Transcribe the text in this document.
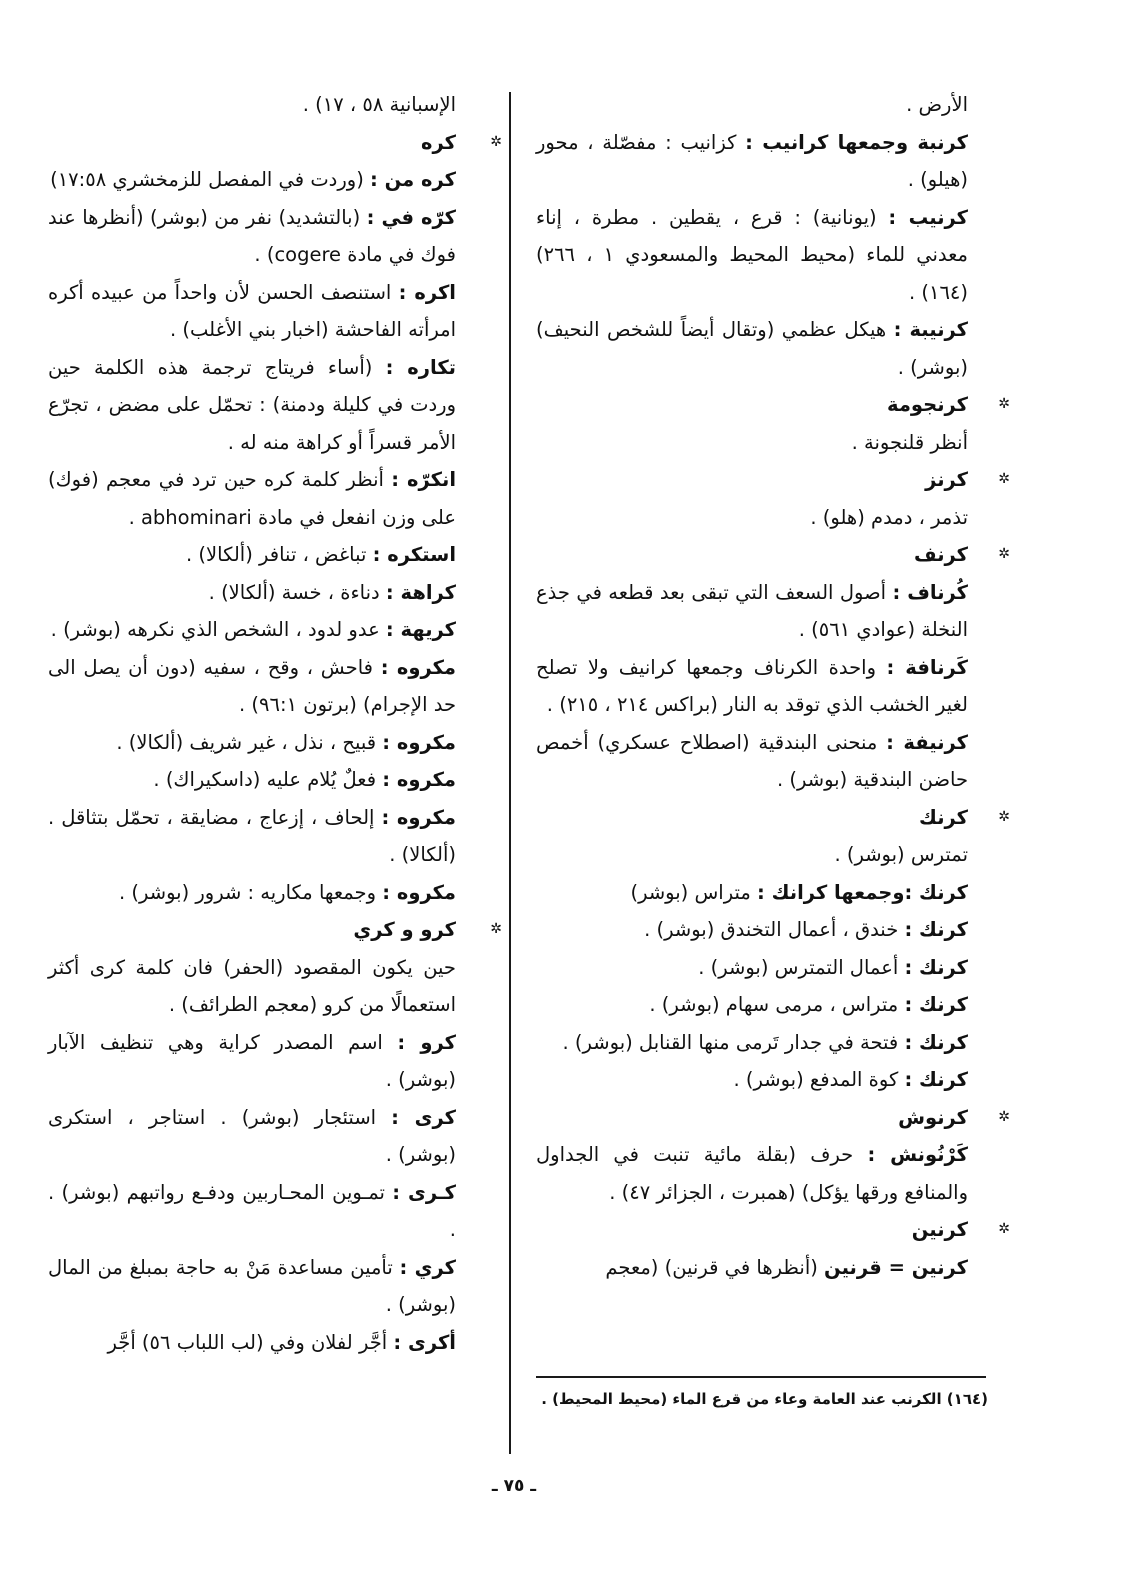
الأرض .

كرنبة وجمعها كرانيب : كزانيب : مفصّلة ، محور (هيلو) .

كرنيب : (يونانية) : قرع ، يقطين . مطرة ، إناء معدني للماء (محيط المحيط والمسعودي ١ ، ٢٦٦)(١٦٤) .

كرنيبة : هيكل عظمي (وتقال أيضاً للشخص النحيف) (بوشر) .

✲
كرنجومة

أنظر قلنجونة .

✲
كرنز

تذمر ، دمدم (هلو) .

✲
كرنف

كُرناف : أصول السعف التي تبقى بعد قطعه في جذع النخلة (عوادي ٥٦١) .

كَرنافة : واحدة الكرناف وجمعها كرانيف ولا تصلح لغير الخشب الذي توقد به النار (براكس ٢١٤ ، ٢١٥) .

كرنيفة : منحنى البندقية (اصطلاح عسكري) أخمص حاضن البندقية (بوشر) .

✲
كرنك

تمترس (بوشر) .

كرنك :وجمعها كرانك : متراس (بوشر)

كرنك : خندق ، أعمال التخندق (بوشر) .

كرنك : أعمال التمترس (بوشر) .

كرنك : متراس ، مرمى سهام (بوشر) .

كرنك : فتحة في جدار تَرمى منها القنابل (بوشر) .

كرنك : كوة المدفع (بوشر) .

✲
كرنوش

كَرْنُونش : حرف (بقلة مائية تنبت في الجداول والمنافع ورقها يؤكل) (همبرت ، الجزائر ٤٧) .

✲
كرنين

كرنين = قرنين (أنظرها في قرنين) (معجم

الإسبانية ٥٨ ، ١٧) .

✲
كره

كره من : (وردت في المفصل للزمخشري ١٧:٥٨)

كرّه في : (بالتشديد) نفر من (بوشر) (أنظرها عند فوك في مادة cogere) .

اكره : استنصف الحسن لأن واحداً من عبيده أكره امرأته الفاحشة (اخبار بني الأغلب) .

تكاره : (أساء فريتاج ترجمة هذه الكلمة حين وردت في كليلة ودمنة) : تحمّل على مضض ، تجرّع الأمر قسراً أو كراهة منه له .

انكرّه : أنظر كلمة كره حين ترد في معجم (فوك) على وزن انفعل في مادة abhominari .

استكره : تباغض ، تنافر (ألكالا) .

كراهة : دناءة ، خسة (ألكالا) .

كريهة : عدو لدود ، الشخص الذي نكرهه (بوشر) .

مكروه : فاحش ، وقح ، سفيه (دون أن يصل الى حد الإجرام) (برتون ٩٦:١) .

مكروه : قبيح ، نذل ، غير شريف (ألكالا) .

مكروه : فعلٌ يُلام عليه (داسكيراك) .

مكروه : إلحاف ، إزعاج ، مضايقة ، تحمّل بتثاقل . (ألكالا) .

مكروه : وجمعها مكاريه : شرور (بوشر) .

✲
كرو و كري

حين يكون المقصود (الحفر) فان كلمة كرى أكثر استعمالًا من كرو (معجم الطرائف) .

كرو : اسم المصدر كراية وهي تنظيف الآبار (بوشر) .

كرى : استئجار (بوشر) . استاجر ، استكرى (بوشر) .

كـرى : تمـوين المحـاربين ودفـع رواتبهم (بوشر) . .

كري : تأمين مساعدة مَنْ به حاجة بمبلغ من المال (بوشر) .

أكرى : أجَّر لفلان وفي (لب اللباب ٥٦) أجَّر

(١٦٤) الكرنب عند العامة وعاء من قرع الماء (محيط المحيط) .
ـ ٧٥ ـ
